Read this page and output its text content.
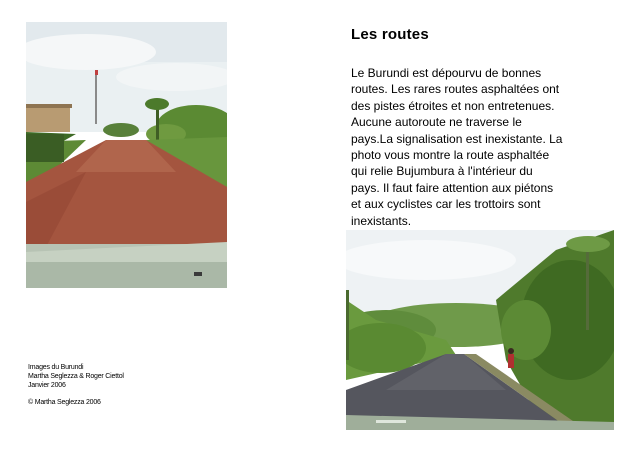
Les routes
Le Burundi est dépourvu de bonnes
routes. Les rares routes asphaltées ont
des pistes étroites et non entretenues.
Aucune autoroute ne traverse le
pays.La signalisation est inexistante. La
photo vous montre la route asphaltée
qui relie Bujumbura à l'intérieur du
pays. Il faut faire attention aux piétons
et aux cyclistes car les trottoirs sont
inexistants.
Images du Burundi
Martha Seglezza & Roger Ciettol
Janvier 2006
© Martha Seglezza 2006
